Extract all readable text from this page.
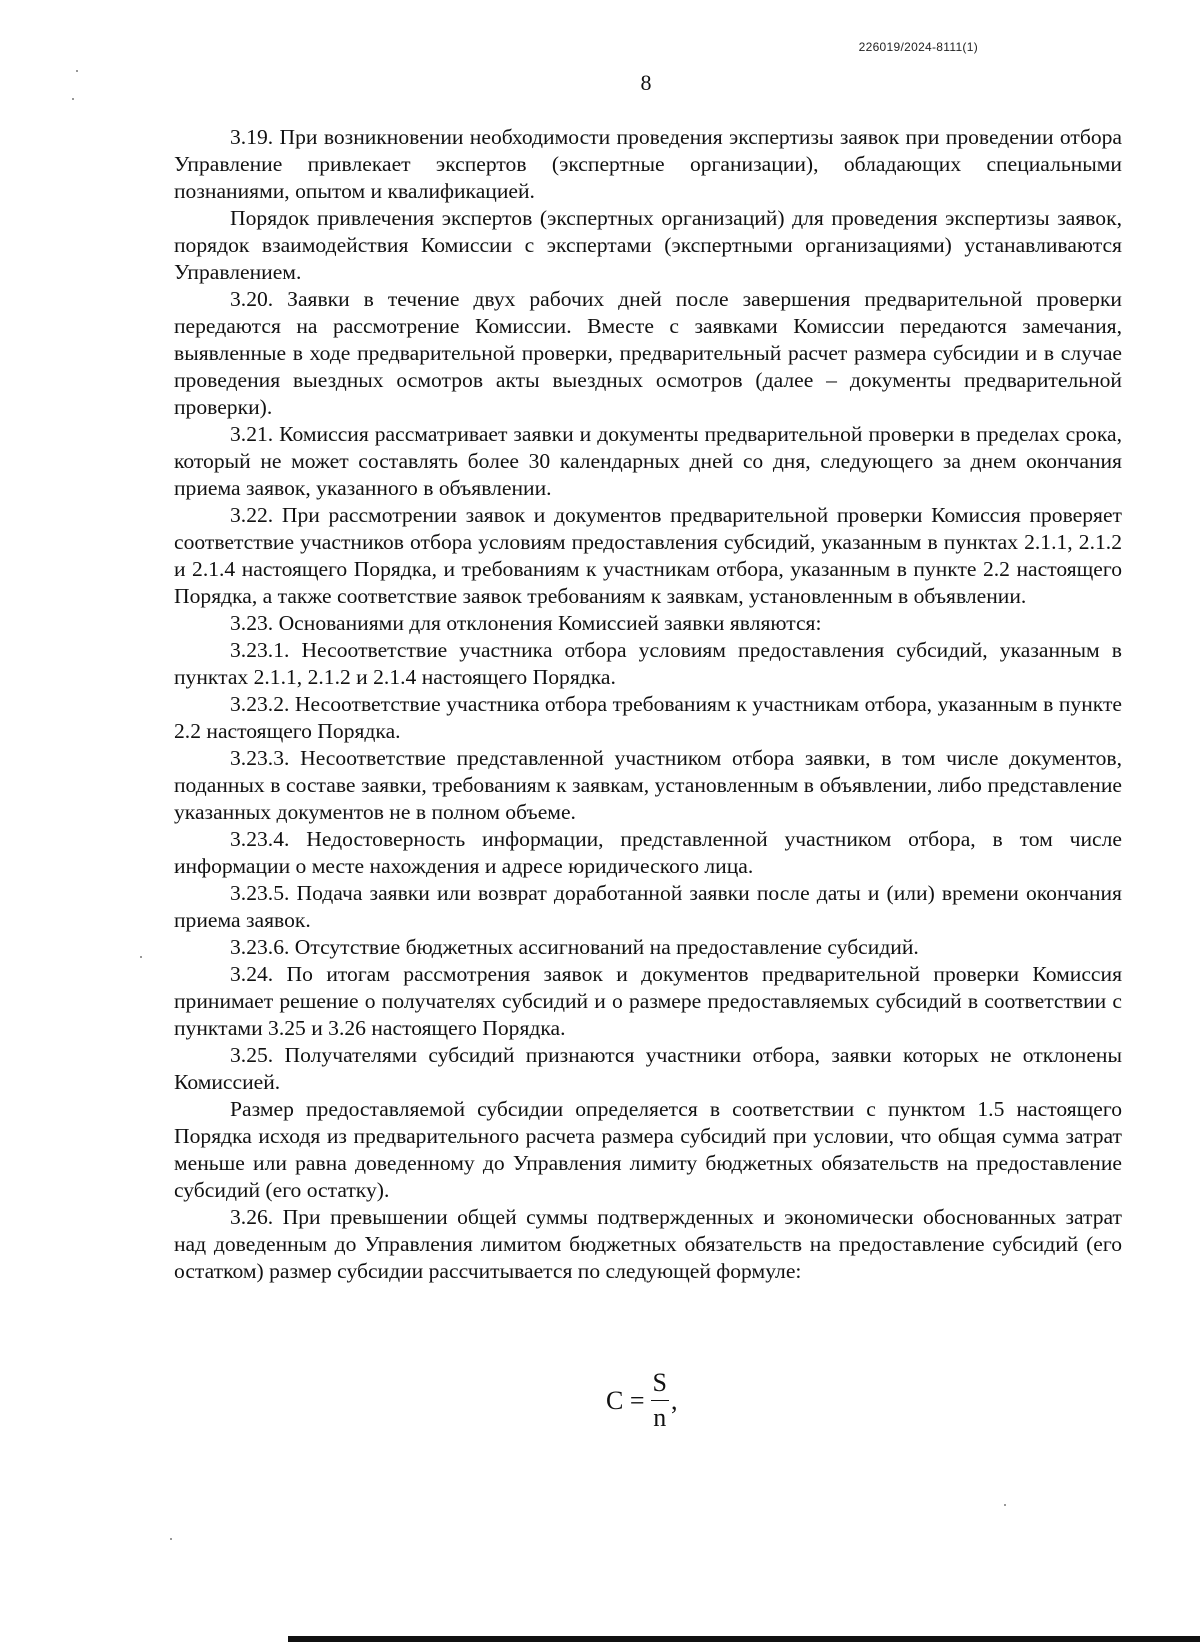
226019/2024-8111(1)
8

3.19. При возникновении необходимости проведения экспертизы заявок при проведении отбора Управление привлекает экспертов (экспертные организации), обладающих специальными познаниями, опытом и квалификацией.

Порядок привлечения экспертов (экспертных организаций) для проведения экспертизы заявок, порядок взаимодействия Комиссии с экспертами (экспертными организациями) устанавливаются Управлением.

3.20. Заявки в течение двух рабочих дней после завершения предварительной проверки передаются на рассмотрение Комиссии. Вместе с заявками Комиссии передаются замечания, выявленные в ходе предварительной проверки, предварительный расчет размера субсидии и в случае проведения выездных осмотров акты выездных осмотров (далее – документы предварительной проверки).

3.21. Комиссия рассматривает заявки и документы предварительной проверки в пределах срока, который не может составлять более 30 календарных дней со дня, следующего за днем окончания приема заявок, указанного в объявлении.

3.22. При рассмотрении заявок и документов предварительной проверки Комиссия проверяет соответствие участников отбора условиям предоставления субсидий, указанным в пунктах 2.1.1, 2.1.2 и 2.1.4 настоящего Порядка, и требованиям к участникам отбора, указанным в пункте 2.2 настоящего Порядка, а также соответствие заявок требованиям к заявкам, установленным в объявлении.

3.23. Основаниями для отклонения Комиссией заявки являются:

3.23.1. Несоответствие участника отбора условиям предоставления субсидий, указанным в пунктах 2.1.1, 2.1.2 и 2.1.4 настоящего Порядка.

3.23.2. Несоответствие участника отбора требованиям к участникам отбора, указанным в пункте 2.2 настоящего Порядка.

3.23.3. Несоответствие представленной участником отбора заявки, в том числе документов, поданных в составе заявки, требованиям к заявкам, установленным в объявлении, либо представление указанных документов не в полном объеме.

3.23.4. Недостоверность информации, представленной участником отбора, в том числе информации о месте нахождения и адресе юридического лица.

3.23.5. Подача заявки или возврат доработанной заявки после даты и (или) времени окончания приема заявок.

3.23.6. Отсутствие бюджетных ассигнований на предоставление субсидий.

3.24. По итогам рассмотрения заявок и документов предварительной проверки Комиссия принимает решение о получателях субсидий и о размере предоставляемых субсидий в соответствии с пунктами 3.25 и 3.26 настоящего Порядка.

3.25. Получателями субсидий признаются участники отбора, заявки которых не отклонены Комиссией.

Размер предоставляемой субсидии определяется в соответствии с пунктом 1.5 настоящего Порядка исходя из предварительного расчета размера субсидий при условии, что общая сумма затрат меньше или равна доведенному до Управления лимиту бюджетных обязательств на предоставление субсидий (его остатку).

3.26. При превышении общей суммы подтвержденных и экономически обоснованных затрат над доведенным до Управления лимитом бюджетных обязательств на предоставление субсидий (его остатком) размер субсидии рассчитывается по следующей формуле:

$C = \frac{S}{n}$ ,
